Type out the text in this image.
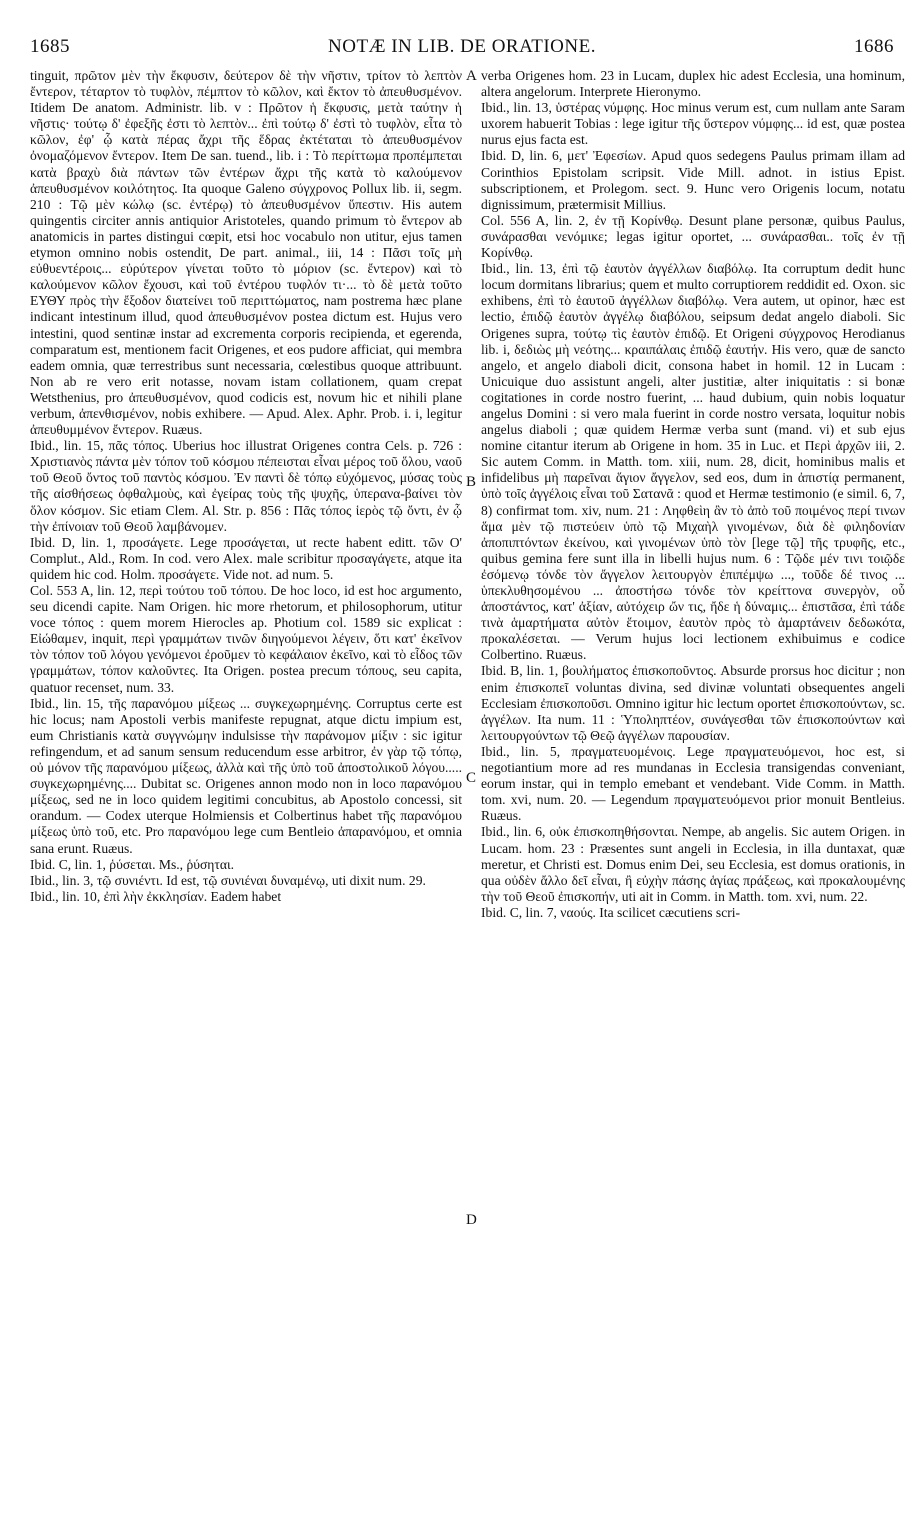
1685	NOTÆ IN LIB. DE ORATIONE.	1686

tinguit, πρῶτον μὲν τὴν ἔκφυσιν, δεύτερον δὲ τὴν νῆστιν, τρίτον τὸ λεπτὸν ἔντερον, τέταρτον τὸ τυφλὸν, πέμπτον τὸ κῶλον, καὶ ἔκτον τὸ ἀπευθυσμένον. Itidem De anatom. Administr. lib. v : Πρῶτον ἡ ἔκφυσις, μετὰ ταύτην ἡ νῆστις· τούτῳ δ' ἐφεξῆς ἐστι τὸ λεπτὸν... ἐπὶ τούτῳ δ' ἐστὶ τὸ τυφλὸν, εἶτα τὸ κῶλον, ἐφ' ᾧ κατὰ πέρας ἄχρι τῆς ἕδρας ἐκτέταται τὸ ἀπευθυσμένον ὀνομαζόμενον ἔντερον. Item De san. tuend., lib. i : Τὸ περίττωμα προπέμπεται κατὰ βραχὺ διὰ πάντων τῶν ἐντέρων ἄχρι τῆς κατὰ τὸ καλούμενον ἀπευθυσμένον κοιλότητος. Ita quoque Galeno σύγχρονος Pollux lib. ii, segm. 210 : Τῷ μὲν κώλῳ (sc. ἐντέρῳ) τὸ ἀπευθυσμένον ὕπεστιν. His autem quingentis circiter annis antiquior Aristoteles, quando primum τὸ ἔντερον ab anatomicis in partes distingui cœpit, etsi hoc vocabulo non utitur, ejus tamen etymon omnino nobis ostendit, De part. animal., iii, 14 : Πᾶσι τοῖς μὴ εὐθυεντέροις... εὐρύτερον γίνεται τοῦτο τὸ μόριον (sc. ἔντερον) καὶ τὸ καλούμενον κῶλον ἔχουσι, καὶ τοῦ ἐντέρου τυφλόν τι·... τὸ δὲ μετὰ τοῦτο ΕΥΘΥ πρὸς τὴν ἔξοδον διατείνει τοῦ περιττώματος, nam postrema hæc plane indicant intestinum illud, quod ἀπευθυσμένον postea dictum est. Hujus vero intestini, quod sentinæ instar ad excrementa corporis recipienda, et egerenda, comparatum est, mentionem facit Origenes, et eos pudore afficiat, qui membra eadem omnia, quæ terrestribus sunt necessaria, cœlestibus quoque attribuunt. Non ab re vero erit notasse, novam istam collationem, quam crepat Wetsthenius, pro ἀπευθυσμένον, quod codicis est, novum hic et nihili plane verbum, ἀπενθισμένον, nobis exhibere. — Apud. Alex. Aphr. Prob. i. i, legitur ἀπευθυμμένον ἔντερον. Ruæus.

Ibid., lin. 15, πᾶς τόπος. Uberius hoc illustrat Origenes contra Cels. p. 726 : Χριστιανὸς πάντα μὲν τόπον τοῦ κόσμου πέπεισται εἶναι μέρος τοῦ ὅλου, ναοῦ τοῦ Θεοῦ ὄντος τοῦ παντὸς κόσμου. Ἐν παντὶ δὲ τόπῳ εὐχόμενος, μύσας τοὺς τῆς αἰσθήσεως ὀφθαλμοὺς, καὶ ἐγείρας τοὺς τῆς ψυχῆς, ὑπερανα-βαίνει τὸν ὅλον κόσμον. Sic etiam Clem. Al. Str. p. 856 : Πᾶς τόπος ἱερὸς τῷ ὄντι, ἐν ᾧ τὴν ἐπίνοιαν τοῦ Θεοῦ λαμβάνομεν.

Ibid. D, lin. 1, προσάγετε. Lege προσάγεται, ut recte habent editt. τῶν Ο' Complut., Ald., Rom. In cod. vero Alex. male scribitur προσαγάγετε, atque ita quidem hic cod. Holm. προσάγετε. Vide not. ad num. 5.

Col. 553 A, lin. 12, περὶ τούτου τοῦ τόπου. De hoc loco, id est hoc argumento, seu dicendi capite. Nam Origen. hic more rhetorum, et philosophorum, utitur voce τόπος : quem morem Hierocles ap. Photium col. 1589 sic explicat : Εἰώθαμεν, inquit, περὶ γραμμάτων τινῶν διηγούμενοι λέγειν, ὅτι κατ' ἐκεῖνον τὸν τόπον τοῦ λόγου γενόμενοι ἐροῦμεν τὸ κεφάλαιον ἐκεῖνο, καὶ τὸ εἶδος τῶν γραμμάτων, τόπον καλοῦντες. Ita Origen. postea precum τόπους, seu capita, quatuor recenset, num. 33.

Ibid., lin. 15, τῆς παρανόμου μίξεως ... συγκεχωρημένης. Corruptus certe est hic locus; nam Apostoli verbis manifeste repugnat, atque dictu impium est, eum Christianis κατὰ συγγνώμην indulsisse τὴν παράνομον μίξιν : sic igitur refingendum, et ad sanum sensum reducendum esse arbitror, ἐν γὰρ τῷ τόπῳ, οὐ μόνον τῆς παρανόμου μίξεως, ἀλλὰ καὶ τῆς ὑπὸ τοῦ ἀποστολικοῦ λόγου..... συγκεχωρημένης.... Dubitat sc. Origenes annon modo non in loco παρανόμου μίξεως, sed ne in loco quidem legitimi concubitus, ab Apostolo concessi, sit orandum. — Codex uterque Holmiensis et Colbertinus habet τῆς παρανόμου μίξεως ὑπὸ τοῦ, etc. Pro παρανόμου lege cum Bentleio ἀπαρανόμου, et omnia sana erunt. Ruæus.

Ibid. C, lin. 1, ῥύσεται. Ms., ῥύσηται.

Ibid., lin. 3, τῷ συνιέντι. Id est, τῷ συνιέναι δυναμένῳ, uti dixit num. 29.

Ibid., lin. 10, ἐπὶ λὴν ἐκκλησίαν. Eadem habet

A
B
C
D

verba Origenes hom. 23 in Lucam, duplex hic adest Ecclesia, una hominum, altera angelorum. Interprete Hieronymo.

Ibid., lin. 13, ὑστέρας νύμφης. Hoc minus verum est, cum nullam ante Saram uxorem habuerit Tobias : lege igitur τῆς ὕστερον νύμφης... id est, quæ postea nurus ejus facta est.

Ibid. D, lin. 6, μετ' Ἐφεσίων. Apud quos sedegens Paulus primam illam ad Corinthios Epistolam scripsit. Vide Mill. adnot. in istius Epist. subscriptionem, et Prolegom. sect. 9. Hunc vero Origenis locum, notatu dignissimum, prætermisit Millius.

Col. 556 A, lin. 2, ἐν τῇ Κορίνθῳ. Desunt plane personæ, quibus Paulus, συνάρασθαι νενόμικε; legas igitur oportet, ... συνάρασθαι.. τοῖς ἐν τῇ Κορίνθῳ.

Ibid., lin. 13, ἐπὶ τῷ ἑαυτὸν ἀγγέλλων διαβόλῳ. Ita corruptum dedit hunc locum dormitans librarius; quem et multo corruptiorem reddidit ed. Oxon. sic exhibens, ἐπὶ τὸ ἑαυτοῦ ἀγγέλλων διαβόλῳ. Vera autem, ut opinor, hæc est lectio, ἐπιδῷ ἑαυτὸν ἀγγέλῳ διαβόλου, seipsum dedat angelo diaboli. Sic Origenes supra, τούτῳ τὶς ἑαυτὸν ἐπιδῷ. Et Origeni σύγχρονος Herodianus lib. i, δεδιὼς μὴ νεότης... κραιπάλαις ἐπιδῷ ἑαυτήν. His vero, quæ de sancto angelo, et angelo diaboli dicit, consona habet in homil. 12 in Lucam : Unicuique duo assistunt angeli, alter justitiæ, alter iniquitatis : si bonæ cogitationes in corde nostro fuerint, ... haud dubium, quin nobis loquatur angelus Domini : si vero mala fuerint in corde nostro versata, loquitur nobis angelus diaboli ; quæ quidem Hermæ verba sunt (mand. vi) et sub ejus nomine citantur iterum ab Origene in hom. 35 in Luc. et Περὶ ἀρχῶν iii, 2. Sic autem Comm. in Matth. tom. xiii, num. 28, dicit, hominibus malis et infidelibus μὴ παρεῖναι ἅγιον ἄγγελον, sed eos, dum in ἀπιστίᾳ permanent, ὑπὸ τοῖς ἀγγέλοις εἶναι τοῦ Σατανᾶ : quod et Hermæ testimonio (e simil. 6, 7, 8) confirmat tom. xiv, num. 21 : Ληφθεὶη ἂν τὸ ἀπὸ τοῦ ποιμένος περί τινων ἅμα μὲν τῷ πιστεύειν ὑπὸ τῷ Μιχαὴλ γινομένων, διὰ δὲ φιληδονίαν ἀποπιπτόντων ἐκείνου, καὶ γινομένων ὑπὸ τὸν [lege τῷ] τῆς τρυφῆς, etc., quibus gemina fere sunt illa in libelli hujus num. 6 : Τῷδε μέν τινι τοιῷδε ἐσόμενῳ τόνδε τὸν ἄγγελον λειτουργὸν ἐπιπέμψω ..., τοῦδε δέ τινος ... ὑπεκλυθησομένου ... ἀποστήσω τόνδε τὸν κρείττονα συνεργὸν, οὗ ἀποστάντος, κατ' ἀξίαν, αὐτόχειρ ὤν τις, ἤδε ἡ δύναμις... ἐπιστᾶσα, ἐπὶ τάδε τινὰ ἁμαρτήματα αὐτὸν ἕτοιμον, ἑαυτὸν πρὸς τὸ ἁμαρτάνειν δεδωκότα, προκαλέσεται. — Verum hujus loci lectionem exhibuimus e codice Colbertino. Ruæus.

Ibid. B, lin. 1, βουλήματος ἐπισκοποῦντος. Absurde prorsus hoc dicitur ; non enim ἐπισκοπεῖ voluntas divina, sed divinæ voluntati obsequentes angeli Ecclesiam ἐπισκοποῦσι. Omnino igitur hic lectum oportet ἐπισκοπούντων, sc. ἀγγέλων. Ita num. 11 : Ὑποληπτέον, συνάγεσθαι τῶν ἐπισκοπούντων καὶ λειτουργούντων τῷ Θεῷ ἀγγέλων παρουσίαν.

Ibid., lin. 5, πραγματευομένοις. Lege πραγματευόμενοι, hoc est, si negotiantium more ad res mundanas in Ecclesia transigendas conveniant, eorum instar, qui in templo emebant et vendebant. Vide Comm. in Matth. tom. xvi, num. 20. — Legendum πραγματευόμενοι prior monuit Bentleius. Ruæus.

Ibid., lin. 6, οὐκ ἐπισκοπηθήσονται. Nempe, ab angelis. Sic autem Origen. in Lucam. hom. 23 : Præsentes sunt angeli in Ecclesia, in illa duntaxat, quæ meretur, et Christi est. Domus enim Dei, seu Ecclesia, est domus orationis, in qua οὐδὲν ἄλλο δεῖ εἶναι, ἢ εὐχὴν πάσης ἁγίας πράξεως, καὶ προκαλουμένης τὴν τοῦ Θεοῦ ἐπισκοπήν, uti ait in Comm. in Matth. tom. xvi, num. 22.

Ibid. C, lin. 7, ναούς. Ita scilicet cæcutiens scri-
